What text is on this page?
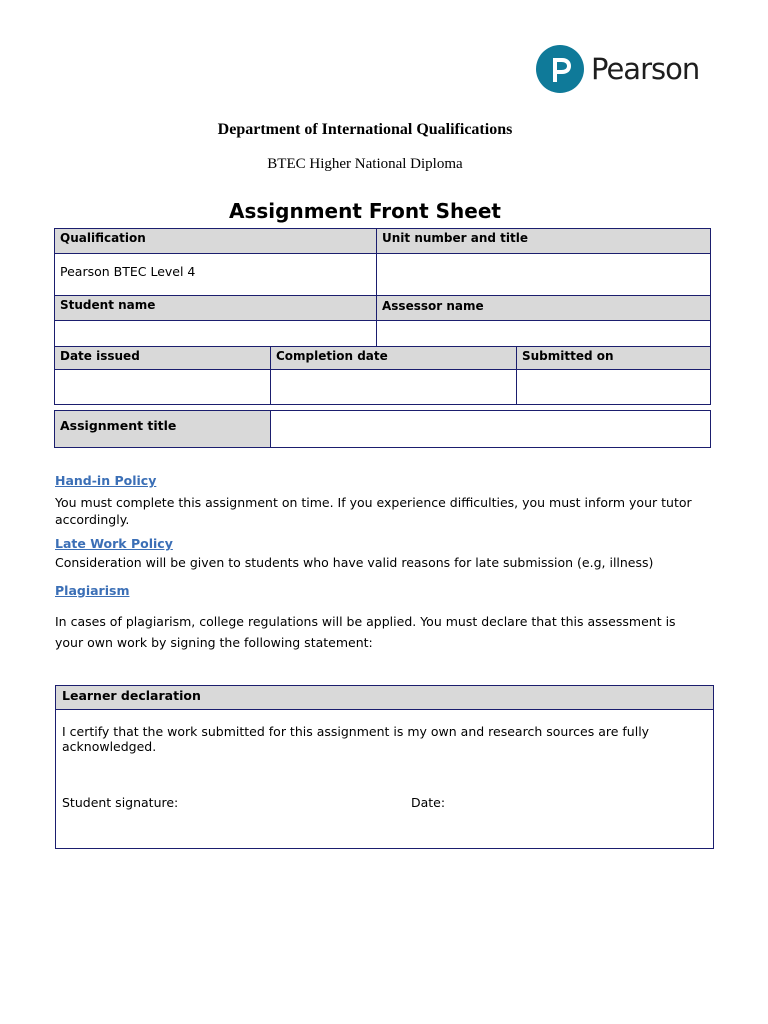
Pearson
Department of International Qualifications
BTEC Higher National Diploma
Assignment Front Sheet
Qualification	Unit number and title
Pearson BTEC Level 4
Student name	Assessor name
Date issued	Completion date	Submitted on
Assignment title
Hand-in Policy
You must complete this assignment on time. If you experience difficulties, you must inform your tutor accordingly.
Late Work Policy
Consideration will be given to students who have valid reasons for late submission (e.g, illness)
Plagiarism
In cases of plagiarism, college regulations will be applied. You must declare that this assessment is your own work by signing the following statement:
Learner declaration
I certify that the work submitted for this assignment is my own and research sources are fully acknowledged.
Student signature:	Date:
